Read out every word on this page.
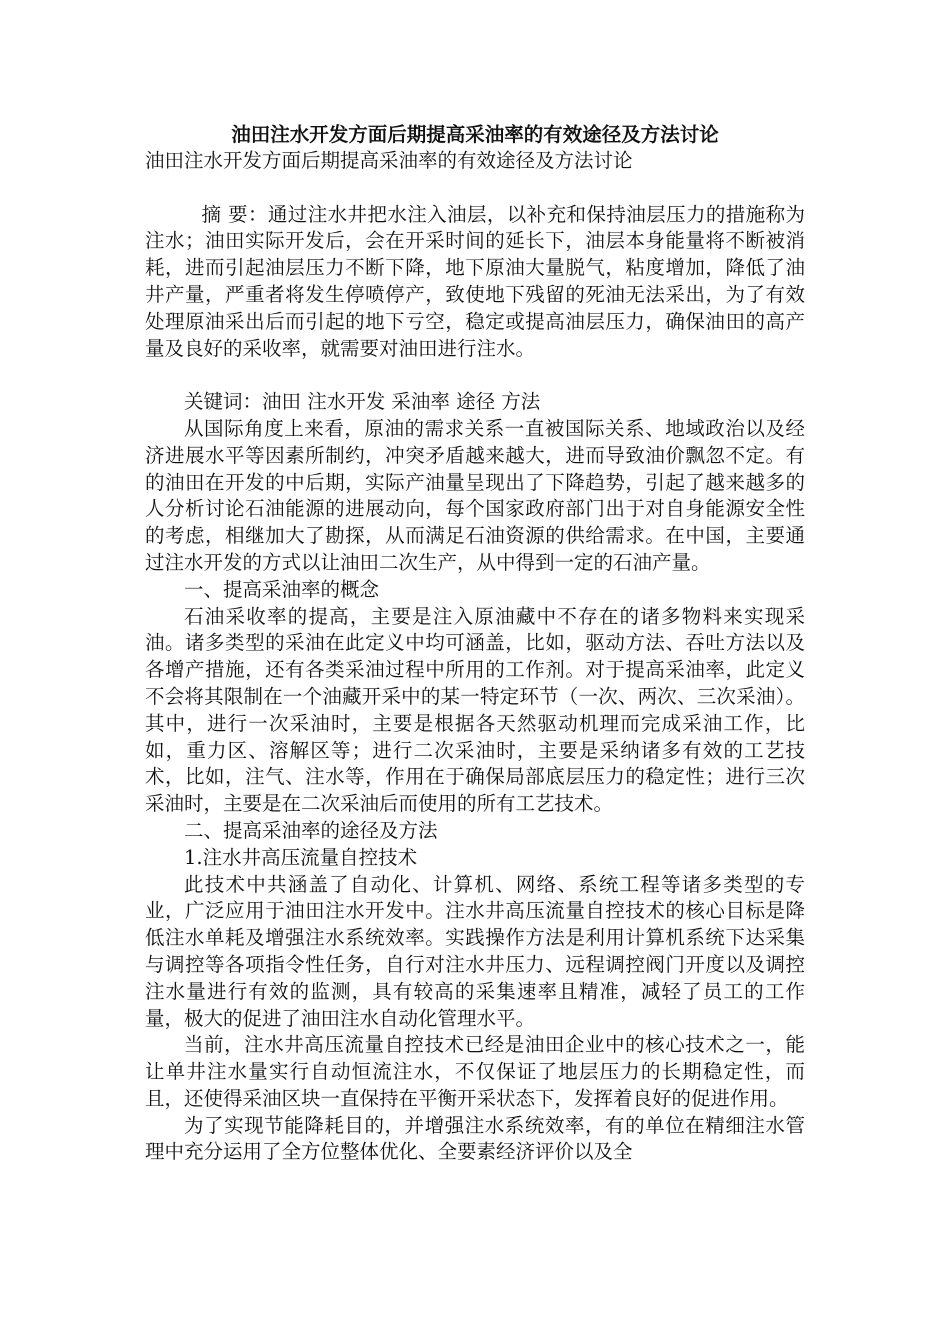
油田注水开发方面后期提高采油率的有效途径及方法讨论

油田注水开发方面后期提高采油率的有效途径及方法讨论

摘 要：通过注水井把水注入油层，以补充和保持油层压力的措施称为注水；油田实际开发后，会在开采时间的延长下，油层本身能量将不断被消耗，进而引起油层压力不断下降，地下原油大量脱气，粘度增加，降低了油井产量，严重者将发生停喷停产，致使地下残留的死油无法采出，为了有效处理原油采出后而引起的地下亏空，稳定或提高油层压力，确保油田的高产量及良好的采收率，就需要对油田进行注水。

关键词：油田 注水开发 采油率 途径 方法

从国际角度上来看，原油的需求关系一直被国际关系、地域政治以及经济进展水平等因素所制约，冲突矛盾越来越大，进而导致油价飘忽不定。有的油田在开发的中后期，实际产油量呈现出了下降趋势，引起了越来越多的人分析讨论石油能源的进展动向，每个国家政府部门出于对自身能源安全性的考虑，相继加大了勘探，从而满足石油资源的供给需求。在中国，主要通过注水开发的方式以让油田二次生产，从中得到一定的石油产量。

一、提高采油率的概念

石油采收率的提高，主要是注入原油藏中不存在的诸多物料来实现采油。诸多类型的采油在此定义中均可涵盖，比如，驱动方法、吞吐方法以及各增产措施，还有各类采油过程中所用的工作剂。对于提高采油率，此定义不会将其限制在一个油藏开采中的某一特定环节（一次、两次、三次采油）。其中，进行一次采油时，主要是根据各天然驱动机理而完成采油工作，比如，重力区、溶解区等；进行二次采油时，主要是采纳诸多有效的工艺技术，比如，注气、注水等，作用在于确保局部底层压力的稳定性；进行三次采油时，主要是在二次采油后而使用的所有工艺技术。

二、提高采油率的途径及方法

1.注水井高压流量自控技术

此技术中共涵盖了自动化、计算机、网络、系统工程等诸多类型的专业，广泛应用于油田注水开发中。注水井高压流量自控技术的核心目标是降低注水单耗及增强注水系统效率。实践操作方法是利用计算机系统下达采集与调控等各项指令性任务，自行对注水井压力、远程调控阀门开度以及调控注水量进行有效的监测，具有较高的采集速率且精准，减轻了员工的工作量，极大的促进了油田注水自动化管理水平。

当前，注水井高压流量自控技术已经是油田企业中的核心技术之一，能让单井注水量实行自动恒流注水，不仅保证了地层压力的长期稳定性，而且，还使得采油区块一直保持在平衡开采状态下，发挥着良好的促进作用。

为了实现节能降耗目的，并增强注水系统效率，有的单位在精细注水管理中充分运用了全方位整体优化、全要素经济评价以及全
